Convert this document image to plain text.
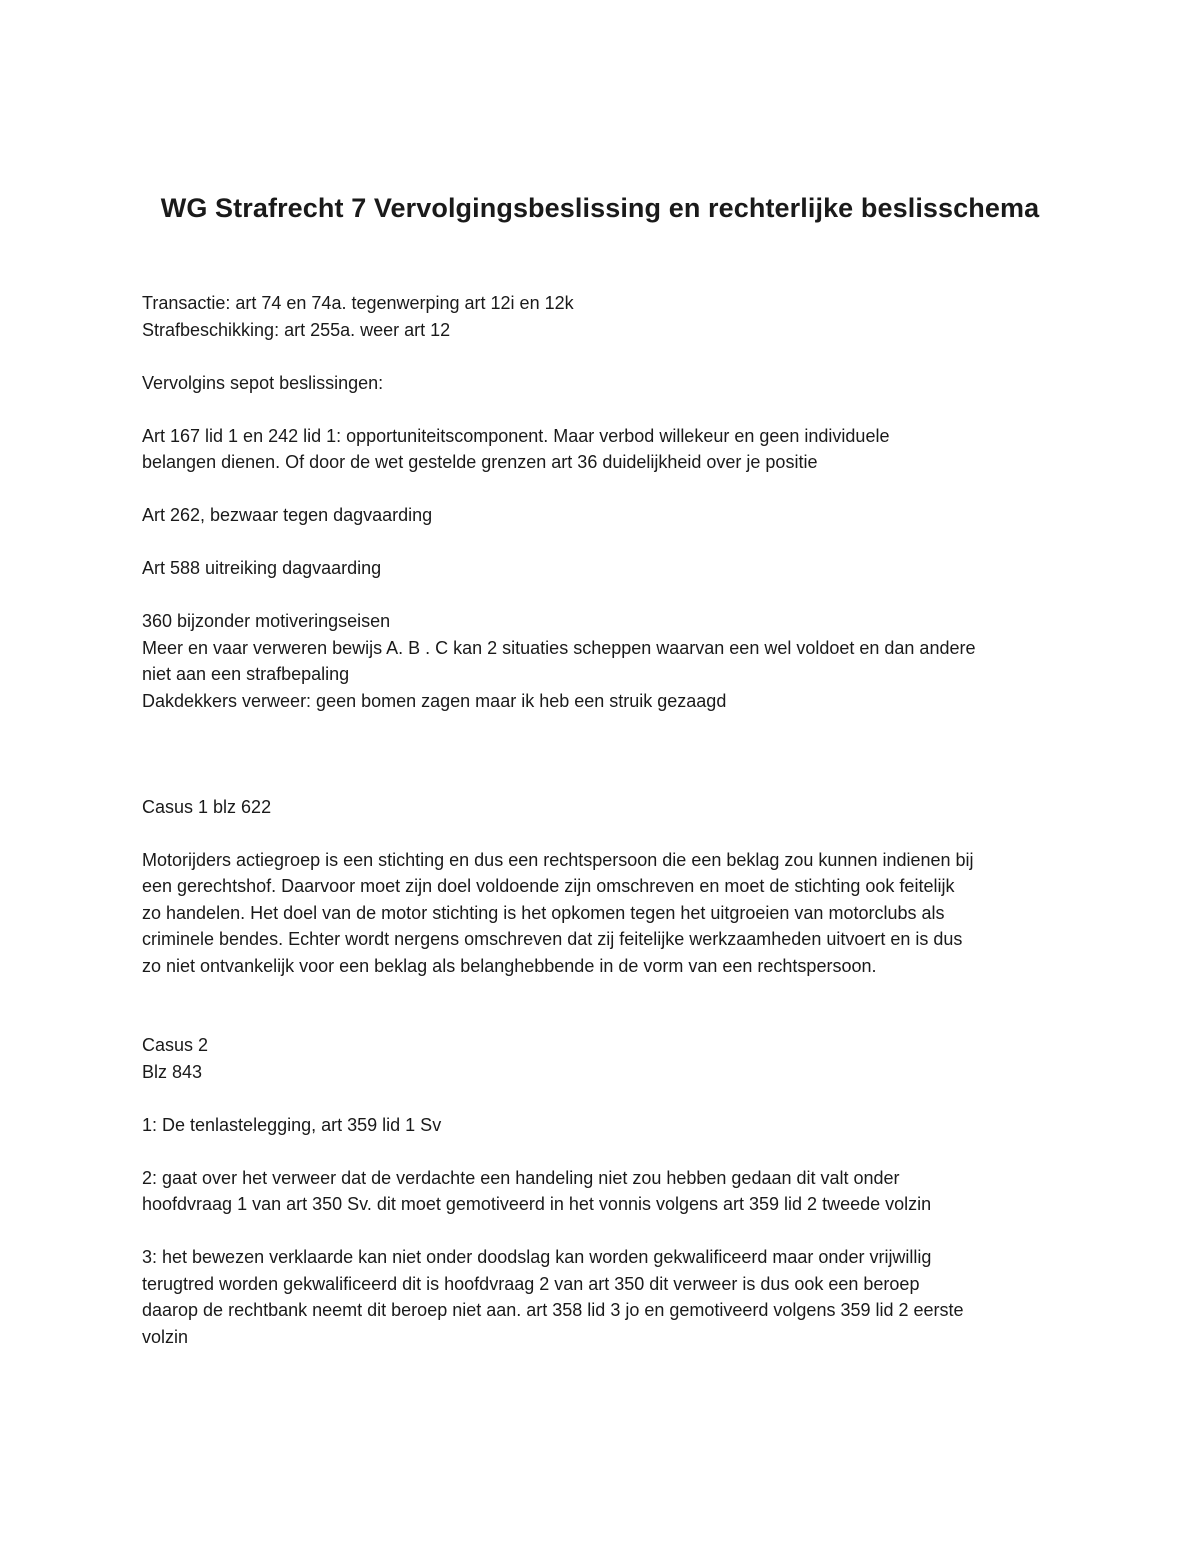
WG Strafrecht 7 Vervolgingsbeslissing en rechterlijke beslisschema

Transactie: art 74 en 74a. tegenwerping art 12i en 12k

Strafbeschikking: art 255a. weer art 12

Vervolgins sepot beslissingen:

Art 167 lid 1 en 242 lid 1: opportuniteitscomponent. Maar verbod willekeur en geen individuele

belangen dienen. Of door de wet gestelde grenzen art 36 duidelijkheid over je positie

Art 262, bezwaar tegen dagvaarding

Art 588 uitreiking dagvaarding

360 bijzonder motiveringseisen

Meer en vaar verweren bewijs A. B . C kan 2 situaties scheppen waarvan een wel voldoet en dan andere

niet aan een strafbepaling

Dakdekkers verweer: geen bomen zagen maar ik heb een struik gezaagd

Casus 1 blz 622

Motorijders actiegroep is een stichting en dus een rechtspersoon die een beklag zou kunnen indienen bij

een gerechtshof. Daarvoor moet zijn doel voldoende zijn omschreven en moet de stichting ook feitelijk

zo handelen. Het doel van de motor stichting is het opkomen tegen het uitgroeien van motorclubs als

criminele bendes. Echter wordt nergens omschreven dat zij feitelijke werkzaamheden uitvoert en is dus

zo niet ontvankelijk voor een beklag als belanghebbende in de vorm van een rechtspersoon.

Casus 2

Blz 843

1: De tenlastelegging, art 359 lid 1 Sv

2: gaat over het verweer dat de verdachte een handeling niet zou hebben gedaan dit valt onder

hoofdvraag 1 van art 350 Sv. dit moet gemotiveerd in het vonnis volgens art 359 lid 2 tweede volzin

3: het bewezen verklaarde kan niet onder doodslag kan worden gekwalificeerd maar onder vrijwillig

terugtred worden gekwalificeerd dit is hoofdvraag 2 van art 350 dit verweer is dus ook een beroep

daarop de rechtbank neemt dit beroep niet aan. art 358 lid 3 jo en gemotiveerd volgens 359 lid 2 eerste

volzin
